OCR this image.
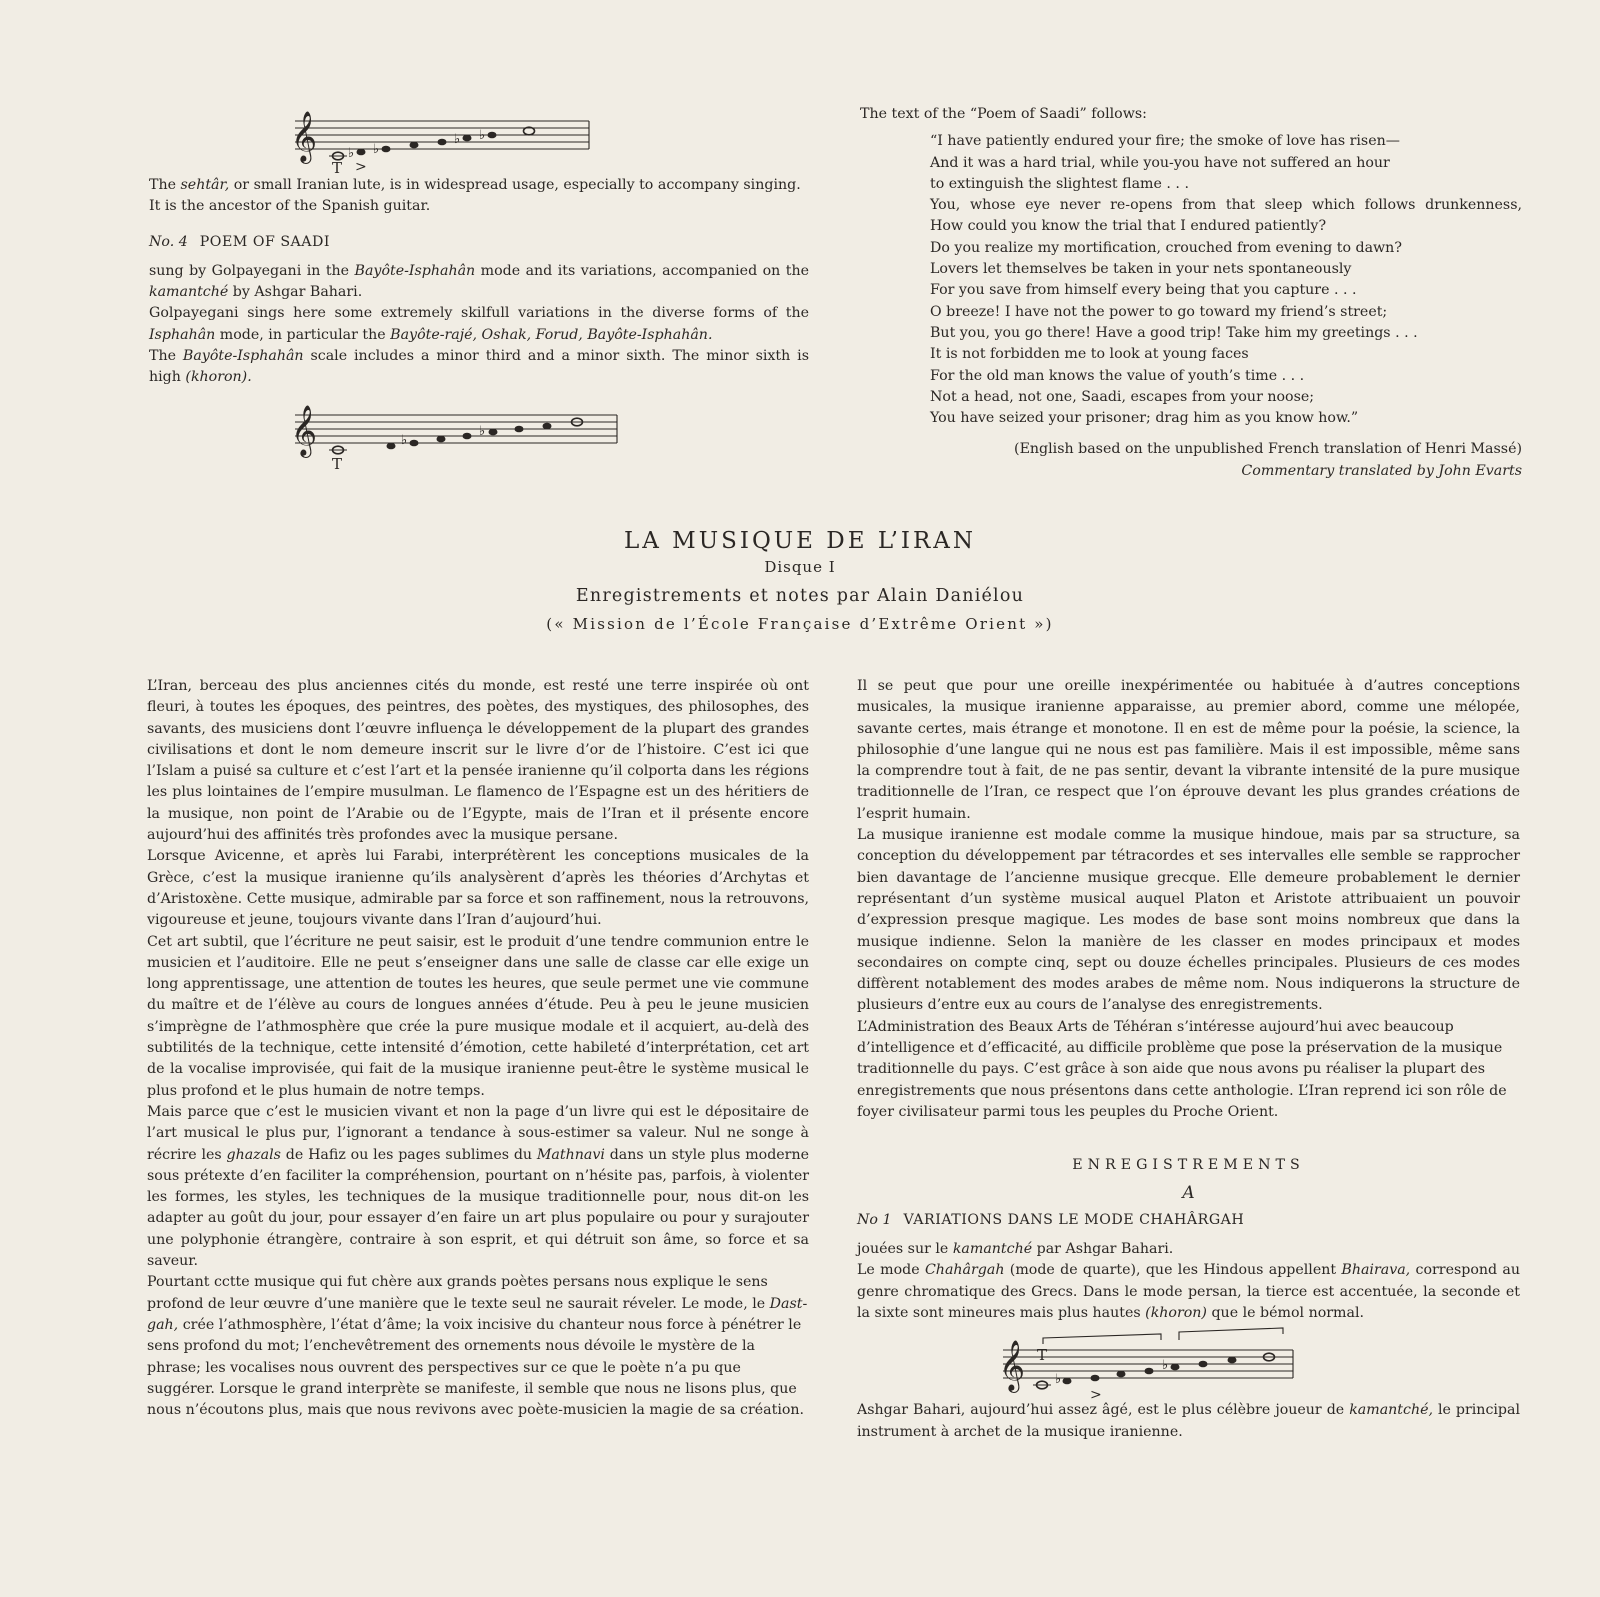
𝄞 ♭ ♭
♭ ♭
T >

The sehtâr, or small Iranian lute, is in widespread usage, especially to accompany singing.
It is the ancestor of the Spanish guitar.

No. 4 POEM OF SAADI

sung by Golpayegani in the Bayôte-Isphahân mode and its variations, accompanied on the kamantché by Ashgar Bahari.

Golpayegani sings here some extremely skilfull variations in the diverse forms of the Isphahân mode, in particular the Bayôte-rajé, Oshak, Forud, Bayôte-Isphahân.

The Bayôte-Isphahân scale includes a minor third and a minor sixth. The minor sixth is high (khoron).

𝄞	♭
♭
T
The text of the “Poem of Saadi” follows:
“I have patiently endured your fire; the smoke of love has risen—
And it was a hard trial, while you-you have not suffered an hour
to extinguish the slightest flame . . .
You, whose eye never re-opens from that sleep which follows drunkenness,
How could you know the trial that I endured patiently?
Do you realize my mortification, crouched from evening to dawn?
Lovers let themselves be taken in your nets spontaneously
For you save from himself every being that you capture . . .
O breeze! I have not the power to go toward my friend’s street;
But you, you go there! Have a good trip! Take him my greetings . . .
It is not forbidden me to look at young faces
For the old man knows the value of youth’s time . . .
Not a head, not one, Saadi, escapes from your noose;
You have seized your prisoner; drag him as you know how.”
(English based on the unpublished French translation of Henri Massé)
Commentary translated by John Evarts
LA MUSIQUE DE L’IRAN
Disque I
Enregistrements et notes par Alain Daniélou
(« Mission de l’École Française d’Extrême Orient »)

L’Iran, berceau des plus anciennes cités du monde, est resté une terre inspirée où ont fleuri, à toutes les époques, des peintres, des poètes, des mystiques, des philosophes, des savants, des musiciens dont l’œuvre influença le développement de la plupart des grandes civilisations et dont le nom demeure inscrit sur le livre d’or de l’histoire. C’est ici que l’Islam a puisé sa culture et c’est l’art et la pensée iranienne qu’il colporta dans les régions les plus lointaines de l’empire musulman. Le flamenco de l’Espagne est un des héritiers de la musique, non point de l’Arabie ou de l’Egypte, mais de l’Iran et il présente encore aujourd’hui des affinités très profondes avec la musique persane.

Lorsque Avicenne, et après lui Farabi, interprétèrent les conceptions musicales de la Grèce, c’est la musique iranienne qu’ils analysèrent d’après les théories d’Archytas et d’Aristoxène. Cette musique, admirable par sa force et son raffinement, nous la retrouvons, vigoureuse et jeune, toujours vivante dans l’Iran d’aujourd’hui.

Cet art subtil, que l’écriture ne peut saisir, est le produit d’une tendre communion entre le musicien et l’auditoire. Elle ne peut s’enseigner dans une salle de classe car elle exige un long apprentissage, une attention de toutes les heures, que seule permet une vie commune du maître et de l’élève au cours de longues années d’étude. Peu à peu le jeune musicien s’imprègne de l’athmosphère que crée la pure musique modale et il acquiert, au-delà des subtilités de la technique, cette intensité d’émotion, cette habileté d’interprétation, cet art de la vocalise improvisée, qui fait de la musique iranienne peut-être le système musical le plus profond et le plus humain de notre temps.

Mais parce que c’est le musicien vivant et non la page d’un livre qui est le dépositaire de l’art musical le plus pur, l’ignorant a tendance à sous-estimer sa valeur. Nul ne songe à récrire les ghazals de Hafiz ou les pages sublimes du Mathnavi dans un style plus moderne sous prétexte d’en faciliter la compréhension, pourtant on n’hésite pas, parfois, à violenter les formes, les styles, les techniques de la musique traditionnelle pour, nous dit-on les adapter au goût du jour, pour essayer d’en faire un art plus populaire ou pour y surajouter une polyphonie étrangère, contraire à son esprit, et qui détruit son âme, so force et sa saveur.

Pourtant cctte musique qui fut chère aux grands poètes persans nous explique le sens profond de leur œuvre d’une manière que le texte seul ne saurait réveler. Le mode, le Dast-gah, crée l’athmosphère, l’état d’âme; la voix incisive du chanteur nous force à pénétrer le sens profond du mot; l’enchevêtrement des ornements nous dévoile le mystère de la phrase; les vocalises nous ouvrent des perspectives sur ce que le poète n’a pu que suggérer. Lorsque le grand interprète se manifeste, il semble que nous ne lisons plus, que nous n’écoutons plus, mais que nous revivons avec poète-musicien la magie de sa création.

Il se peut que pour une oreille inexpérimentée ou habituée à d’autres conceptions musicales, la musique iranienne apparaisse, au premier abord, comme une mélopée, savante certes, mais étrange et monotone. Il en est de même pour la poésie, la science, la philosophie d’une langue qui ne nous est pas familière. Mais il est impossible, même sans la comprendre tout à fait, de ne pas sentir, devant la vibrante intensité de la pure musique traditionnelle de l’Iran, ce respect que l’on éprouve devant les plus grandes créations de l’esprit humain.

La musique iranienne est modale comme la musique hindoue, mais par sa structure, sa conception du développement par tétracordes et ses intervalles elle semble se rapprocher bien davantage de l’ancienne musique grecque. Elle demeure probablement le dernier représentant d’un système musical auquel Platon et Aristote attribuaient un pouvoir d’expression presque magique. Les modes de base sont moins nombreux que dans la musique indienne. Selon la manière de les classer en modes principaux et modes secondaires on compte cinq, sept ou douze échelles principales. Plusieurs de ces modes diffèrent notablement des modes arabes de même nom. Nous indiquerons la structure de plusieurs d’entre eux au cours de l’analyse des enregistrements.

L’Administration des Beaux Arts de Téhéran s’intéresse aujourd’hui avec beaucoup d’intelligence et d’efficacité, au difficile problème que pose la préservation de la musique traditionnelle du pays. C’est grâce à son aide que nous avons pu réaliser la plupart des enregistrements que nous présentons dans cette anthologie. L’Iran reprend ici son rôle de foyer civilisateur parmi tous les peuples du Proche Orient.

ENREGISTREMENTS
A
No 1 VARIATIONS DANS LE MODE CHAHÂRGAH

jouées sur le kamantché par Ashgar Bahari.

Le mode Chahârgah (mode de quarte), que les Hindous appellent Bhairava, correspond au genre chromatique des Grecs. Dans le mode persan, la tierce est accentuée, la seconde et la sixte sont mineures mais plus hautes (khoron) que le bémol normal.

𝄞 ♭
♭
T
>

Ashgar Bahari, aujourd’hui assez âgé, est le plus célèbre joueur de kamantché, le principal instrument à archet de la musique iranienne.
